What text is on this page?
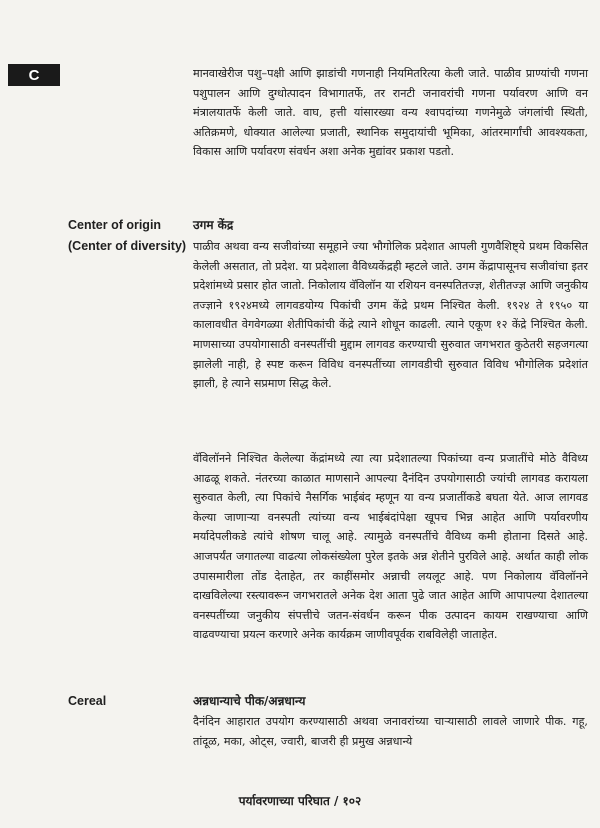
C	मानवाखेरीज पशु–पक्षी आणि झाडांची गणनाही नियमितरित्या केली जाते. पाळीव प्राण्यांची गणना पशुपालन आणि दुग्धोत्पादन विभागातर्फे, तर रानटी जनावरांची गणना पर्यावरण आणि वन मंत्रालयातर्फे केली जाते. वाघ, हत्ती यांसारख्या वन्य श्वापदांच्या गणनेमुळे जंगलांची स्थिती, अतिक्रमणे, धोक्यात आलेल्या प्रजाती, स्थानिक समुदायांची भूमिका, आंतरमार्गांची आवश्यकता, विकास आणि पर्यावरण संवर्धन अशा अनेक मुद्यांवर प्रकाश पडतो.

Center of origin
(Center of diversity)
उगम केंद्र

पाळीव अथवा वन्य सजीवांच्या समूहाने ज्या भौगोलिक प्रदेशात आपली गुणवैशिष्ट्ये प्रथम विकसित केलेली असतात, तो प्रदेश. या प्रदेशाला वैविध्यकेंद्रही म्हटले जाते. उगम केंद्रापासूनच सजीवांचा इतर प्रदेशांमध्ये प्रसार होत जातो. निकोलाय वॅविलॉन या रशियन वनस्पतितज्ज्ञ, शेतीतज्ज्ञ आणि जनुकीय तज्ज्ञाने १९२४मध्ये लागवडयोग्य पिकांची उगम केंद्रे प्रथम निश्चित केली. १९२४ ते १९५० या कालावधीत वेगवेगळ्या शेतीपिकांची केंद्रे त्याने शोधून काढली. त्याने एकूण १२ केंद्रे निश्चित केली. माणसाच्या उपयोगासाठी वनस्पतींची मुद्दाम लागवड करण्याची सुरुवात जगभरात कुठेतरी सहजगत्या झालेली नाही, हे स्पष्ट करून विविध वनस्पतींच्या लागवडीची सुरुवात विविध भौगोलिक प्रदेशांत झाली, हे त्याने सप्रमाण सिद्ध केले.

वॅविलॉनने निश्चित केलेल्या केंद्रांमध्ये त्या त्या प्रदेशातल्या पिकांच्या वन्य प्रजातींचे मोठे वैविध्य आढळू शकते. नंतरच्या काळात माणसाने आपल्या दैनंदिन उपयोगासाठी ज्यांची लागवड करायला सुरुवात केली, त्या पिकांचे नैसर्गिक भाईबंद म्हणून या वन्य प्रजातींकडे बघता येते. आज लागवड केल्या जाणाऱ्या वनस्पती त्यांच्या वन्य भाईबंदांपेक्षा खूपच भिन्न आहेत आणि पर्यावरणीय मर्यादेपलीकडे त्यांचे शोषण चालू आहे. त्यामुळे वनस्पतींचे वैविध्य कमी होताना दिसते आहे. आजपर्यंत जगातल्या वाढत्या लोकसंख्येला पुरेल इतके अन्न शेतीने पुरविले आहे. अर्थात काही लोक उपासमारीला तोंड देताहेत, तर काहींसमोर अन्नाची लयलूट आहे. पण निकोलाय वॅविलॉनने दाखविलेल्या रस्त्यावरून जगभरातले अनेक देश आता पुढे जात आहेत आणि आपापल्या देशातल्या वनस्पतींच्या जनुकीय संपत्तीचे जतन-संवर्धन करून पीक उत्पादन कायम राखण्याचा आणि वाढवण्याचा प्रयत्न करणारे अनेक कार्यक्रम जाणीवपूर्वक राबविलेही जाताहेत.

Cereal	अन्नधान्याचे पीक/अन्नधान्य

दैनंदिन आहारात उपयोग करण्यासाठी अथवा जनावरांच्या चाऱ्यासाठी लावले जाणारे पीक. गहू, तांदूळ, मका, ओट्स, ज्वारी, बाजरी ही प्रमुख अन्नधान्ये

पर्यावरणाच्या परिघात / १०२
